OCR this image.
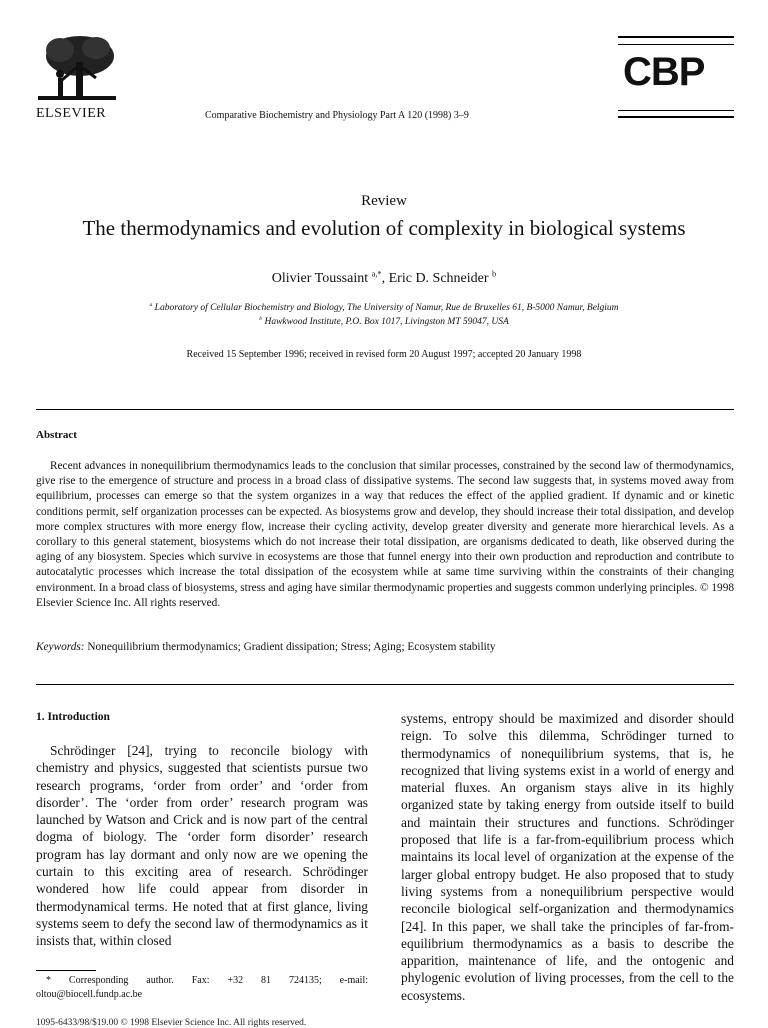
ELSEVIER	Comparative Biochemistry and Physiology Part A 120 (1998) 3–9
CBP
Review
The thermodynamics and evolution of complexity in biological systems
Olivier Toussaint $^{a,*}$, Eric D. Schneider $^b$
$^a$ Laboratory of Cellular Biochemistry and Biology, The University of Namur, Rue de Bruxelles 61, B-5000 Namur, Belgium
$^b$ Hawkwood Institute, P.O. Box 1017, Livingston MT 59047, USA
Received 15 September 1996; received in revised form 20 August 1997; accepted 20 January 1998
Abstract

Recent advances in nonequilibrium thermodynamics leads to the conclusion that similar processes, constrained by the second law of thermodynamics, give rise to the emergence of structure and process in a broad class of dissipative systems. The second law suggests that, in systems moved away from equilibrium, processes can emerge so that the system organizes in a way that reduces the effect of the applied gradient. If dynamic and or kinetic conditions permit, self organization processes can be expected. As biosystems grow and develop, they should increase their total dissipation, and develop more complex structures with more energy flow, increase their cycling activity, develop greater diversity and generate more hierarchical levels. As a corollary to this general statement, biosystems which do not increase their total dissipation, are organisms dedicated to death, like observed during the aging of any biosystem. Species which survive in ecosystems are those that funnel energy into their own production and reproduction and contribute to autocatalytic processes which increase the total dissipation of the ecosystem while at same time surviving within the constraints of their changing environment. In a broad class of biosystems, stress and aging have similar thermodynamic properties and suggests common underlying principles. © 1998 Elsevier Science Inc. All rights reserved.

Keywords: Nonequilibrium thermodynamics; Gradient dissipation; Stress; Aging; Ecosystem stability
1. Introduction

Schrödinger [24], trying to reconcile biology with chemistry and physics, suggested that scientists pursue two research programs, ‘order from order’ and ‘order from disorder’. The ‘order from order’ research program was launched by Watson and Crick and is now part of the central dogma of biology. The ‘order form disorder’ research program has lay dormant and only now are we opening the curtain to this exciting area of research. Schrödinger wondered how life could appear from disorder in thermodynamical terms. He noted that at first glance, living systems seem to defy the second law of thermodynamics as it insists that, within closed

systems, entropy should be maximized and disorder should reign. To solve this dilemma, Schrödinger turned to thermodynamics of nonequilibrium systems, that is, he recognized that living systems exist in a world of energy and material fluxes. An organism stays alive in its highly organized state by taking energy from outside itself to build and maintain their structures and functions. Schrödinger proposed that life is a far-from-equilibrium process which maintains its local level of organization at the expense of the larger global entropy budget. He also proposed that to study living systems from a nonequilibrium perspective would reconcile biological self-organization and thermodynamics [24]. In this paper, we shall take the principles of far-from-equilibrium thermodynamics as a basis to describe the apparition, maintenance of life, and the ontogenic and phylogenic evolution of living processes, from the cell to the ecosystems.

* Corresponding author. Fax: +32 81 724135; e-mail: oltou@biocell.fundp.ac.be
1095-6433/98/$19.00 © 1998 Elsevier Science Inc. All rights reserved.
